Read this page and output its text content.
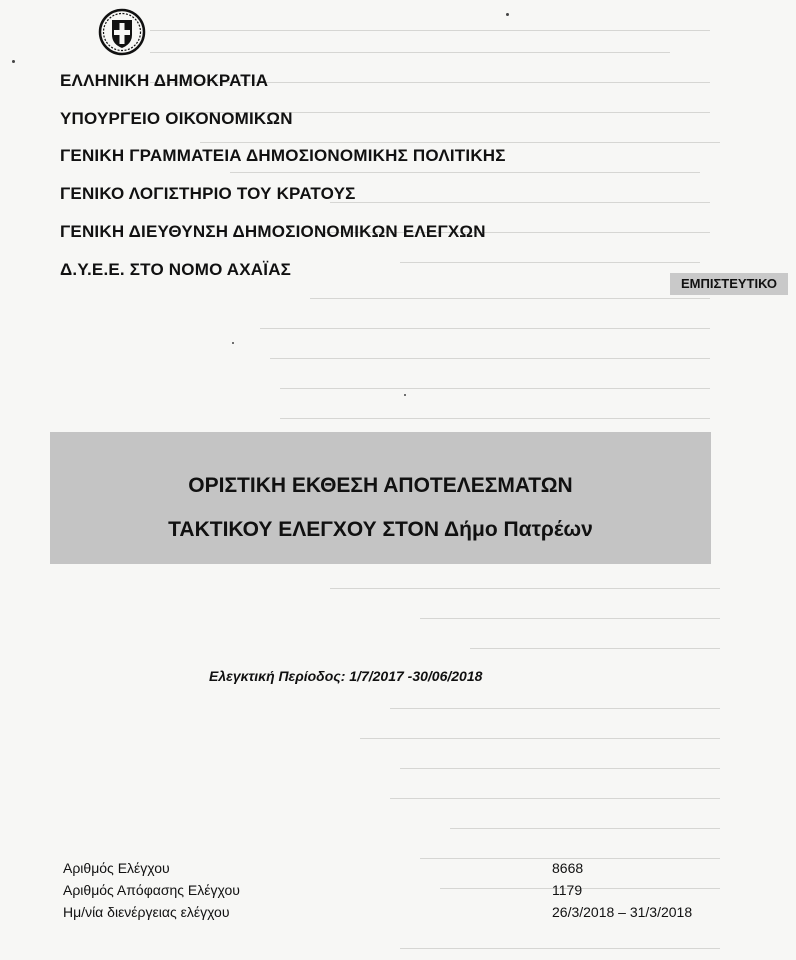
ΕΛΛΗΝΙΚΗ ΔΗΜΟΚΡΑΤΙΑ
ΥΠΟΥΡΓΕΙΟ ΟΙΚΟΝΟΜΙΚΩΝ
ΓΕΝΙΚΗ ΓΡΑΜΜΑΤΕΙΑ ΔΗΜΟΣΙΟΝΟΜΙΚΗΣ ΠΟΛΙΤΙΚΗΣ
ΓΕΝΙΚΟ ΛΟΓΙΣΤΗΡΙΟ ΤΟΥ ΚΡΑΤΟΥΣ
ΓΕΝΙΚΗ ΔΙΕΥΘΥΝΣΗ ΔΗΜΟΣΙΟΝΟΜΙΚΩΝ ΕΛΕΓΧΩΝ
Δ.Υ.Ε.Ε. ΣΤΟ ΝΟΜΟ ΑΧΑΪΑΣ
ΕΜΠΙΣΤΕΥΤΙΚΟ
ΟΡΙΣΤΙΚΗ ΕΚΘΕΣΗ ΑΠΟΤΕΛΕΣΜΑΤΩΝ
ΤΑΚΤΙΚΟΥ ΕΛΕΓΧΟΥ ΣΤΟΝ Δήμο Πατρέων
Ελεγκτική Περίοδος: 1/7/2017 -30/06/2018
Αριθμός Ελέγχου	8668
Αριθμός Απόφασης Ελέγχου	1179
Ημ/νία διενέργειας ελέγχου	26/3/2018 – 31/3/2018
